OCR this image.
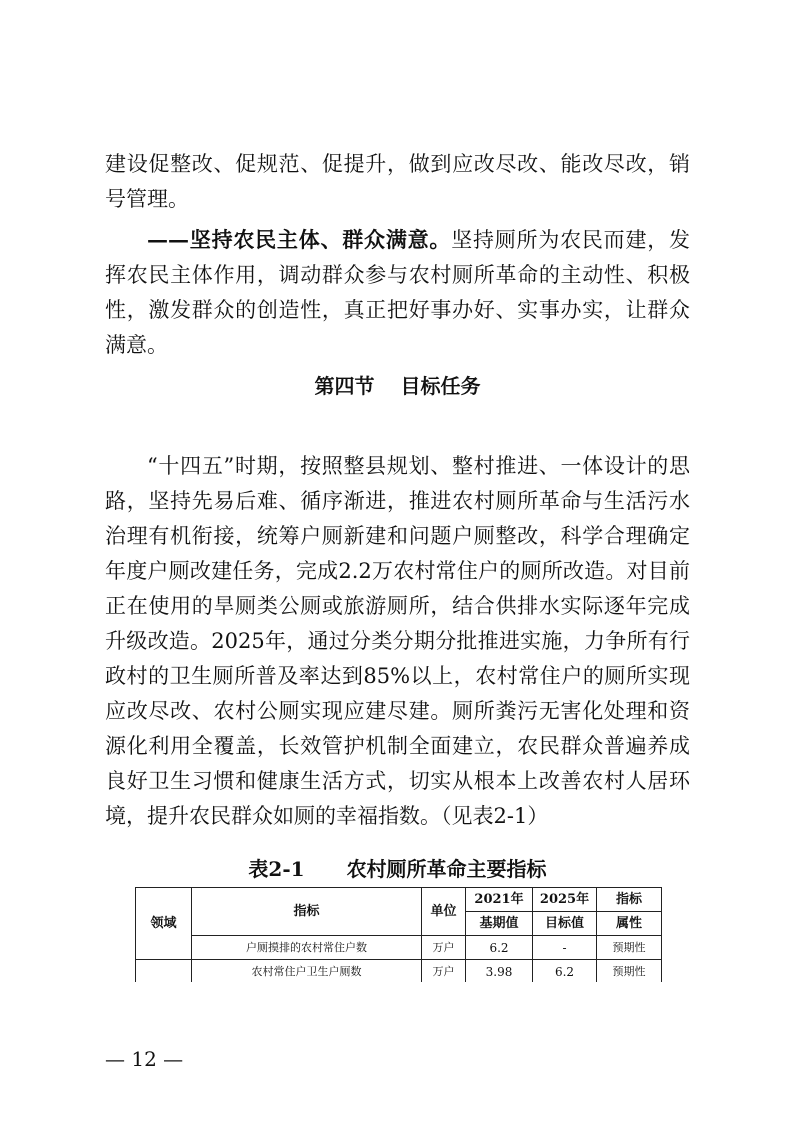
建设促整改、促规范、促提升，做到应改尽改、能改尽改，销号管理。

——坚持农民主体、群众满意。坚持厕所为农民而建，发挥农民主体作用，调动群众参与农村厕所革命的主动性、积极性，激发群众的创造性，真正把好事办好、实事办实，让群众满意。

第四节 目标任务

“十四五”时期，按照整县规划、整村推进、一体设计的思路，坚持先易后难、循序渐进，推进农村厕所革命与生活污水治理有机衔接，统筹户厕新建和问题户厕整改，科学合理确定年度户厕改建任务，完成2.2万农村常住户的厕所改造。对目前正在使用的旱厕类公厕或旅游厕所，结合供排水实际逐年完成升级改造。2025年，通过分类分期分批推进实施，力争所有行政村的卫生厕所普及率达到85%以上，农村常住户的厕所实现应改尽改、农村公厕实现应建尽建。厕所粪污无害化处理和资源化利用全覆盖，长效管护机制全面建立，农民群众普遍养成良好卫生习惯和健康生活方式，切实从根本上改善农村人居环境，提升农民群众如厕的幸福指数。（见表2-1）

表2-1 农村厕所革命主要指标
领域	指标	单位	2021年	2025年	指标
			基期值	目标值	属性
	户厕摸排的农村常住户数	万户	6.2	-	预期性
	农村常住户卫生户厕数	万户	3.98	6.2	预期性

— 12 —
